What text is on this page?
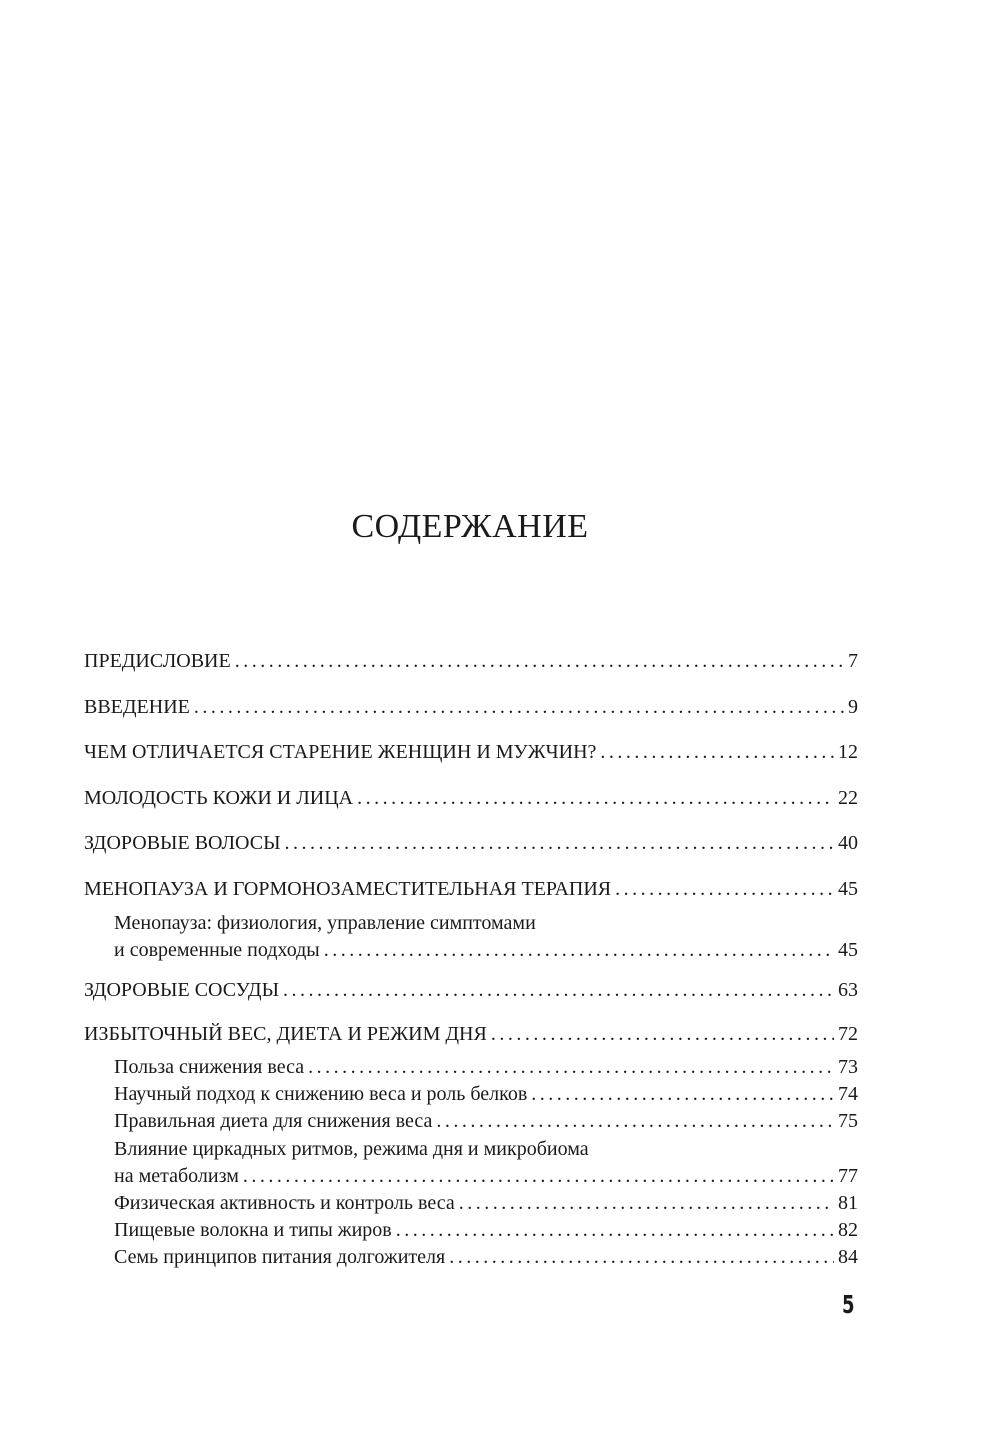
СОДЕРЖАНИЕ
ПРЕДИСЛОВИЕ . . .	7
ВВЕДЕНИЕ . . .	9
ЧЕМ ОТЛИЧАЕТСЯ СТАРЕНИЕ ЖЕНЩИН И МУЖЧИН? . . .	12
МОЛОДОСТЬ КОЖИ И ЛИЦА . . .	22
ЗДОРОВЫЕ ВОЛОСЫ . . .	40
МЕНОПАУЗА И ГОРМОНОЗАМЕСТИТЕЛЬНАЯ ТЕРАПИЯ . . .	45
Менопауза: физиология, управление симптомами
и современные подходы . . .	45
ЗДОРОВЫЕ СОСУДЫ . . .	63
ИЗБЫТОЧНЫЙ ВЕС, ДИЕТА И РЕЖИМ ДНЯ . . .	72
Польза снижения веса . . .	73
Научный подход к снижению веса и роль белков . . .	74
Правильная диета для снижения веса . . .	75
Влияние циркадных ритмов, режима дня и микробиома
на метаболизм . . .	77
Физическая активность и контроль веса . . .	81
Пищевые волокна и типы жиров . . .	82
Семь принципов питания долгожителя . . .	84
5
